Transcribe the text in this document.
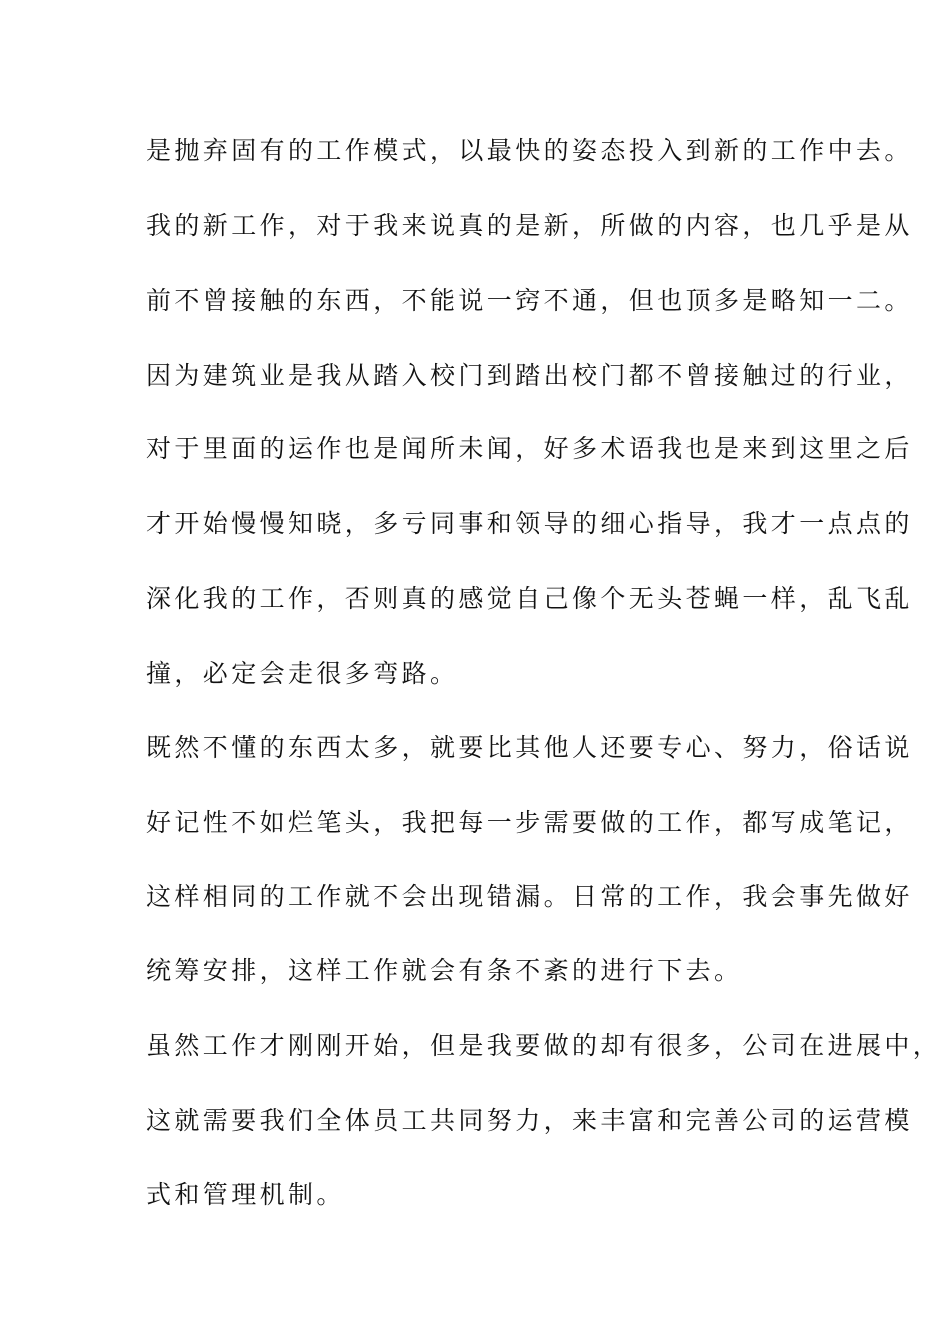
是抛弃固有的工作模式，以最快的姿态投入到新的工作中去。
我的新工作，对于我来说真的是新，所做的内容，也几乎是从
前不曾接触的东西，不能说一窍不通，但也顶多是略知一二。
因为建筑业是我从踏入校门到踏出校门都不曾接触过的行业，
对于里面的运作也是闻所未闻，好多术语我也是来到这里之后
才开始慢慢知晓，多亏同事和领导的细心指导，我才一点点的
深化我的工作，否则真的感觉自己像个无头苍蝇一样，乱飞乱
撞，必定会走很多弯路。
既然不懂的东西太多，就要比其他人还要专心、努力，俗话说
好记性不如烂笔头，我把每一步需要做的工作，都写成笔记，
这样相同的工作就不会出现错漏。日常的工作，我会事先做好
统筹安排，这样工作就会有条不紊的进行下去。
虽然工作才刚刚开始，但是我要做的却有很多，公司在进展中，
这就需要我们全体员工共同努力，来丰富和完善公司的运营模
式和管理机制。
